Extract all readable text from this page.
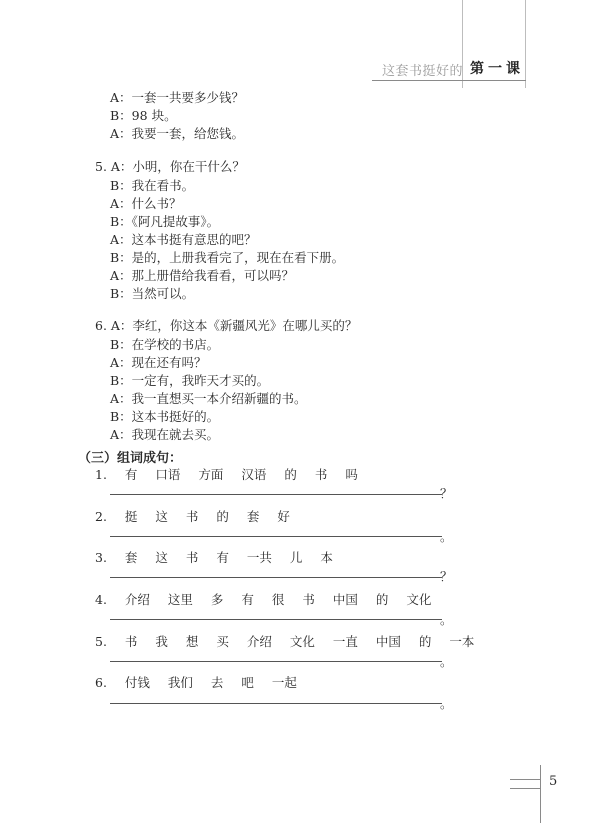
这套书挺好的 第一课
A：一套一共要多少钱？
B：98 块。
A：我要一套，给您钱。
5. A：小明，你在干什么？
B：我在看书。
A：什么书？
B：《阿凡提故事》。
A：这本书挺有意思的吧？
B：是的，上册我看完了，现在在看下册。
A：那上册借给我看看，可以吗？
B：当然可以。
6. A：李红，你这本《新疆风光》在哪儿买的？
B：在学校的书店。
A：现在还有吗？
B：一定有，我昨天才买的。
A：我一直想买一本介绍新疆的书。
B：这本书挺好的。
A：我现在就去买。
（三）组词成句：
1. 有 口语 方面 汉语 的 书 吗
？
2. 挺 这 书 的 套 好
。
3. 套 这 书 有 一共 儿 本
？
4. 介绍 这里 多 有 很 书 中国 的 文化
。
5. 书 我 想 买 介绍 文化 一直 中国 的 一本
。
6. 付钱 我们 去 吧 一起
。
5
